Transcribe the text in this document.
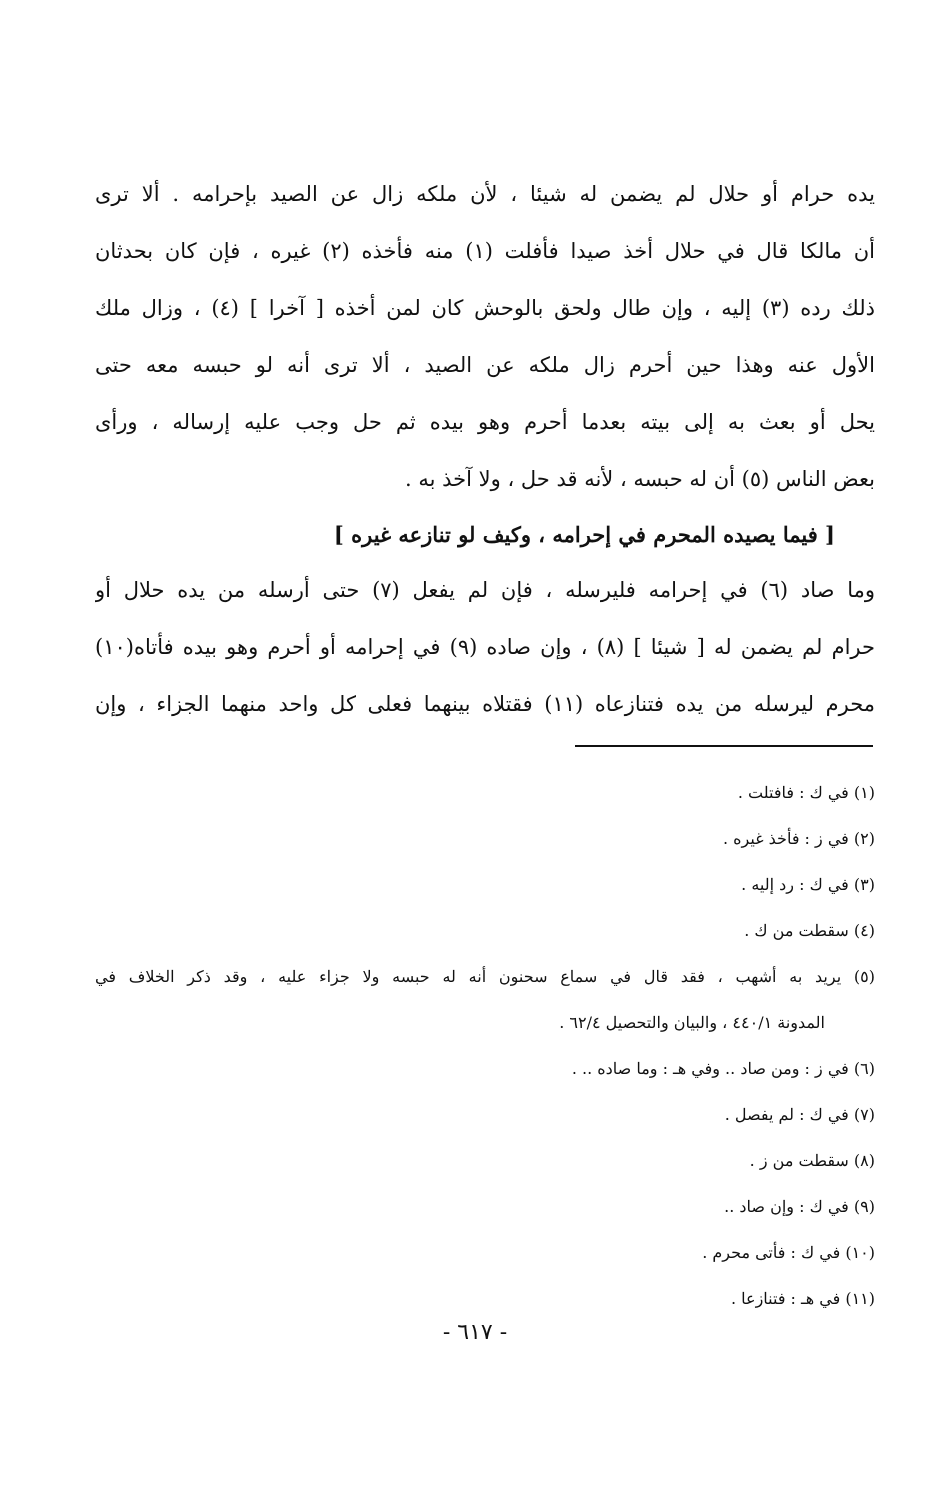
يده حرام أو حلال لم يضمن له شيئا ، لأن ملكه زال عن الصيد بإحرامه . ألا ترى
أن مالكا قال في حلال أخذ صيدا فأفلت (١) منه فأخذه (٢) غيره ، فإن كان بحدثان
ذلك رده (٣) إليه ، وإن طال ولحق بالوحش كان لمن أخذه [ آخرا ] (٤) ، وزال ملك
الأول عنه وهذا حين أحرم زال ملكه عن الصيد ، ألا ترى أنه لو حبسه معه حتى
يحل أو بعث به إلى بيته بعدما أحرم وهو بيده ثم حل وجب عليه إرساله ، ورأى
بعض الناس (٥) أن له حبسه ، لأنه قد حل ، ولا آخذ به .
[ فيما يصيده المحرم في إحرامه ، وكيف لو تنازعه غيره ]
وما صاد (٦) في إحرامه فليرسله ، فإن لم يفعل (٧) حتى أرسله من يده حلال أو
حرام لم يضمن له [ شيئا ] (٨) ، وإن صاده (٩) في إحرامه أو أحرم وهو بيده فأتاه(١٠)
محرم ليرسله من يده فتنازعاه (١١) فقتلاه بينهما فعلى كل واحد منهما الجزاء ، وإن
(١) في ك : فافتلت .
(٢) في ز : فأخذ غيره .
(٣) في ك : رد إليه .
(٤) سقطت من ك .
(٥) يريد به أشهب ، فقد قال في سماع سحنون أنه له حبسه ولا جزاء عليه ، وقد ذكر الخلاف في
المدونة ٤٤٠/١ ، والبيان والتحصيل ٦٢/٤ .
(٦) في ز : ومن صاد .. وفي هـ : وما صاده .. .
(٧) في ك : لم يفصل .
(٨) سقطت من ز .
(٩) في ك : وإن صاد ..
(١٠) في ك : فأتى محرم .
(١١) في هـ : فتنازعا .
- ٦١٧ -
